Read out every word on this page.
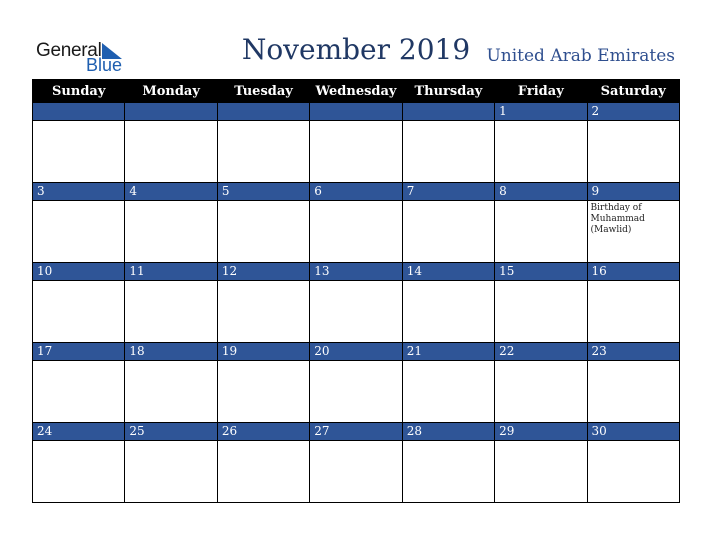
General
Blue	November 2019 United Arab Emirates
Sunday	Monday	Tuesday	Wednesday	Thursday	Friday	Saturday
					1	2

3	4	5	6	7	8	9
						Birthday of Muhammad (Mawlid)
10	11	12	13	14	15	16

17	18	19	20	21	22	23

24	25	26	27	28	29	30
